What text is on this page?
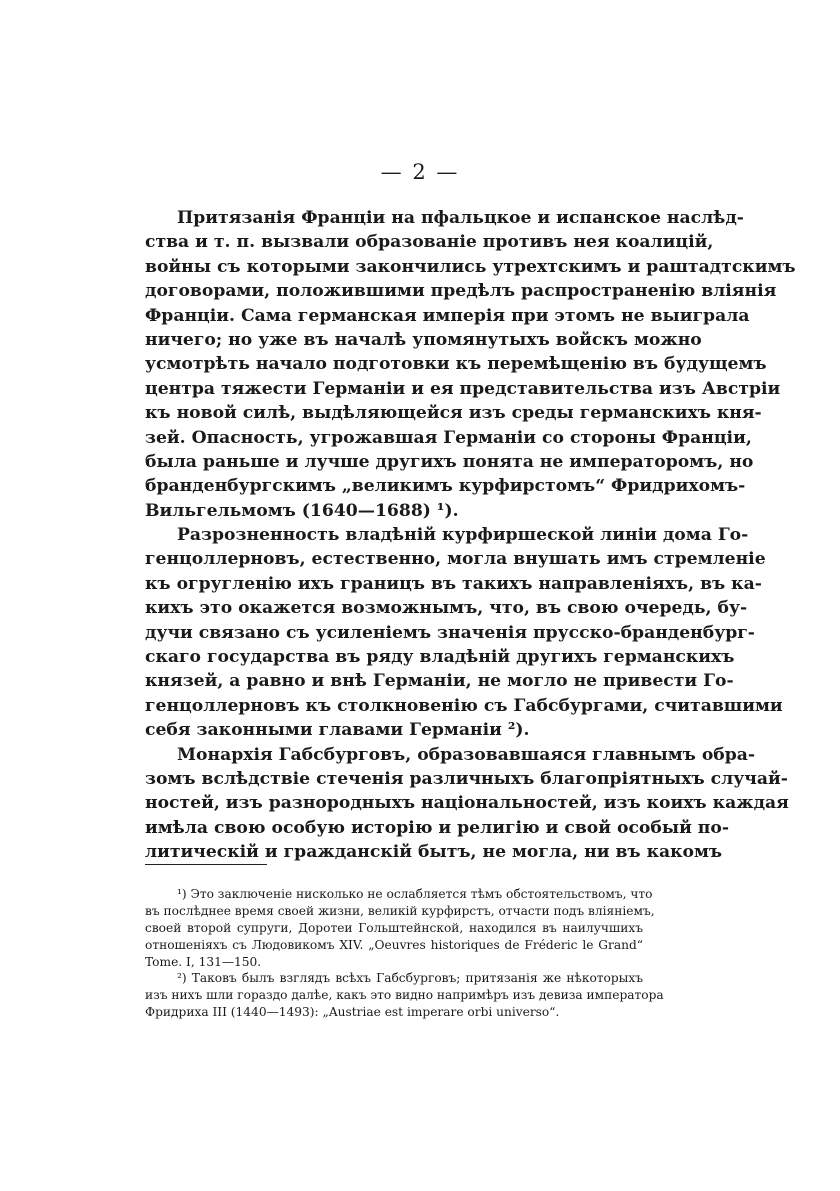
— 2 —
Притязанія Франціи на пфальцкое и испанское наслѣд-
ства и т. п. вызвали образованіе противъ нея коалицій,
войны съ которыми закончились утрехтскимъ и раштадтскимъ
договорами, положившими предѣлъ распространенію вліянія
Франціи. Сама германская имперія при этомъ не выиграла
ничего; но уже въ началѣ упомянутыхъ войскъ можно
усмотрѣть начало подготовки къ перемѣщенію въ будущемъ
центра тяжести Германіи и ея представительства изъ Австріи
къ новой силѣ, выдѣляющейся изъ среды германскихъ кня-
зей. Опасность, угрожавшая Германіи со стороны Франціи,
была раньше и лучше другихъ понята не императоромъ, но
бранденбургскимъ „великимъ курфирстомъ“ Фридрихомъ-
Вильгельмомъ (1640—1688) ¹).
Разрозненность владѣній курфиршеской линіи дома Го-
генцоллерновъ, естественно, могла внушать имъ стремленіе
къ огругленію ихъ границъ въ такихъ направленіяхъ, въ ка-
кихъ это окажется возможнымъ, что, въ свою очередь, бу-
дучи связано съ усиленіемъ значенія прусско-бранденбург-
скаго государства въ ряду владѣній другихъ германскихъ
князей, а равно и внѣ Германіи, не могло не привести Го-
генцоллерновъ къ столкновенію съ Габсбургами, считавшими
себя законными главами Германіи ²).
Монархія Габсбурговъ, образовавшаяся главнымъ обра-
зомъ вслѣдствіе стеченія различныхъ благопріятныхъ случай-
ностей, изъ разнородныхъ національностей, изъ коихъ каждая
имѣла свою особую исторію и религію и свой особый по-
литическій и гражданскій бытъ, не могла, ни въ какомъ
¹) Это заключеніе нисколько не ослабляется тѣмъ обстоятельствомъ, что
въ послѣднее время своей жизни, великій курфирстъ, отчасти подъ вліяніемъ,
своей второй супруги, Доротеи Гольштейнской, находился въ наилучшихъ
отношеніяхъ съ Людовикомъ XIV. „Oeuvres historiques de Fréderic le Grand“
Tome. I, 131—150.
²) Таковъ былъ взглядъ всѣхъ Габсбурговъ; притязанія же нѣкоторыхъ
изъ нихъ шли гораздо далѣе, какъ это видно напримѣръ изъ девиза императора
Фридриха III (1440—1493): „Austriae est imperare orbi universo“.
